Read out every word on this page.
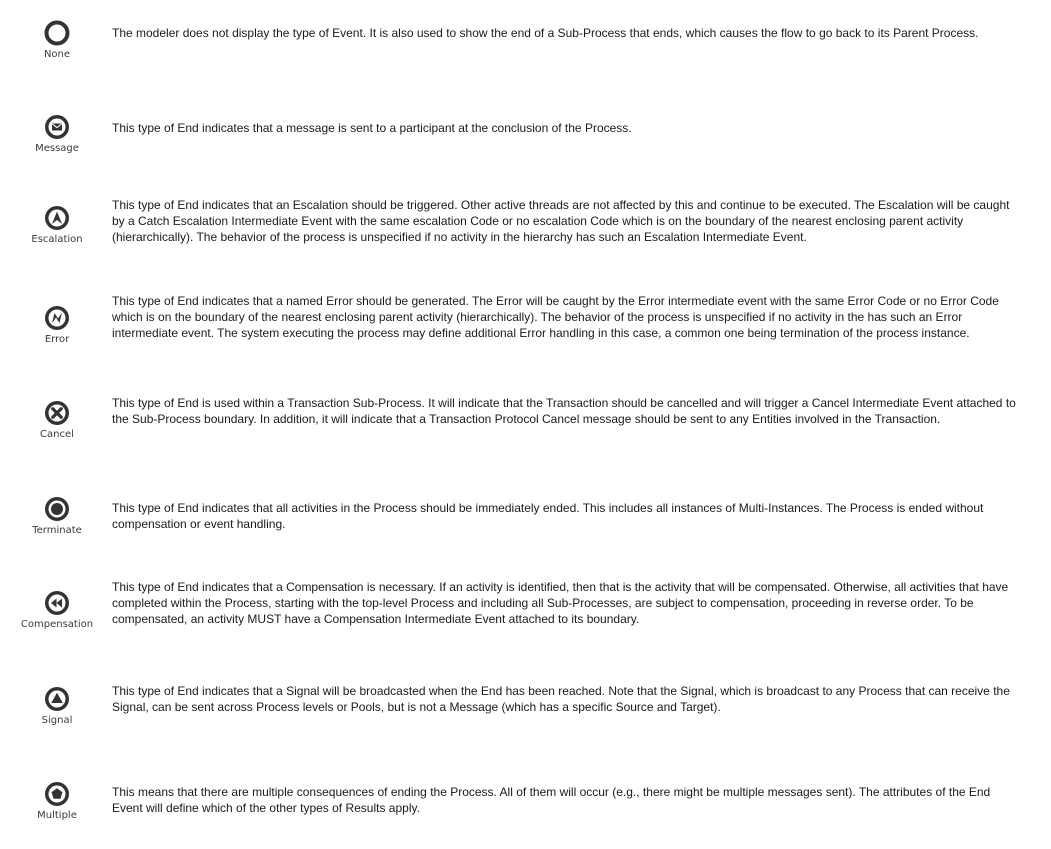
None

The modeler does not display the type of Event. It is also used to show the end of a Sub-Process that ends, which causes the flow to go back to its Parent Process.

Message

This type of End indicates that a message is sent to a participant at the conclusion of the Process.

Escalation

This type of End indicates that an Escalation should be triggered. Other active threads are not affected by this and continue to be executed. The Escalation will be caught by a Catch Escalation Intermediate Event with the same escalation Code or no escalation Code which is on the boundary of the nearest enclosing parent activity (hierarchically). The behavior of the process is unspecified if no activity in the hierarchy has such an Escalation Intermediate Event.

Error

This type of End indicates that a named Error should be generated. The Error will be caught by the Error intermediate event with the same Error Code or no Error Code which is on the boundary of the nearest enclosing parent activity (hierarchically). The behavior of the process is unspecified if no activity in the has such an Error intermediate event. The system executing the process may define additional Error handling in this case, a common one being termination of the process instance.

Cancel

This type of End is used within a Transaction Sub-Process. It will indicate that the Transaction should be cancelled and will trigger a Cancel Intermediate Event attached to the Sub-Process boundary. In addition, it will indicate that a Transaction Protocol Cancel message should be sent to any Entities involved in the Transaction.

Terminate

This type of End indicates that all activities in the Process should be immediately ended. This includes all instances of Multi-Instances. The Process is ended without compensation or event handling.

Compensation

This type of End indicates that a Compensation is necessary. If an activity is identified, then that is the activity that will be compensated. Otherwise, all activities that have completed within the Process, starting with the top-level Process and including all Sub-Processes, are subject to compensation, proceeding in reverse order. To be compensated, an activity MUST have a Compensation Intermediate Event attached to its boundary.

Signal

This type of End indicates that a Signal will be broadcasted when the End has been reached. Note that the Signal, which is broadcast to any Process that can receive the Signal, can be sent across Process levels or Pools, but is not a Message (which has a specific Source and Target).

Multiple

This means that there are multiple consequences of ending the Process. All of them will occur (e.g., there might be multiple messages sent). The attributes of the End Event will define which of the other types of Results apply.
